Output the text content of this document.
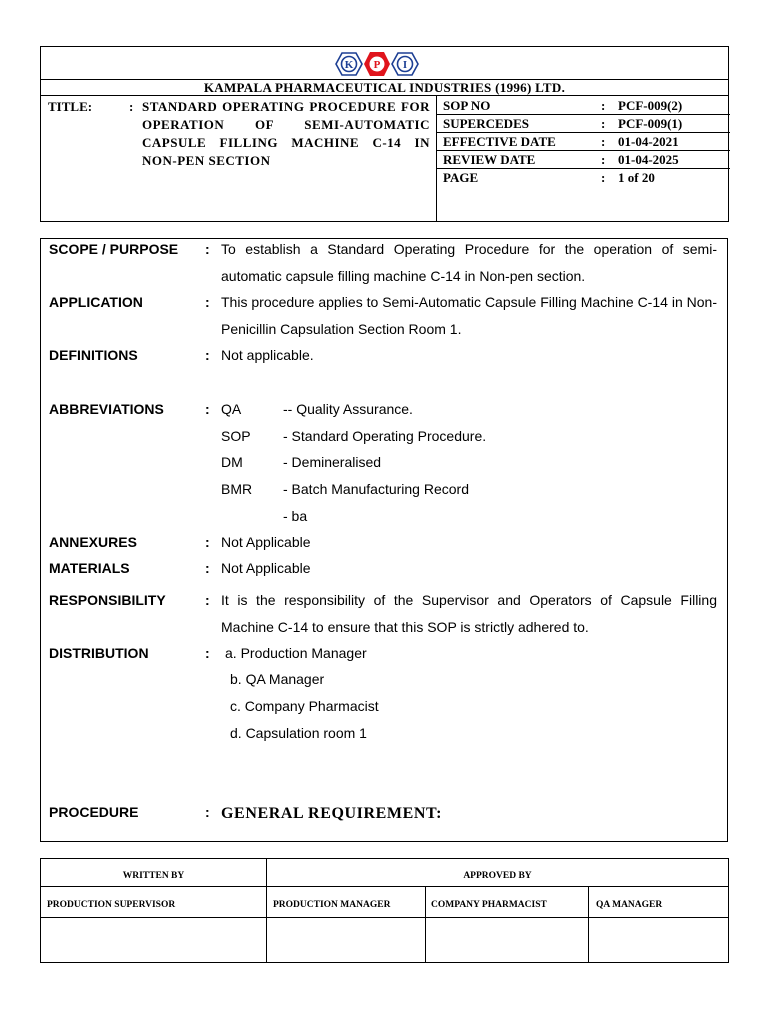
K P I
KAMPALA PHARMACEUTICAL INDUSTRIES (1996) LTD.
TITLE:	: STANDARD OPERATING PROCEDURE FOR OPERATION OF SEMI-AUTOMATIC CAPSULE FILLING MACHINE C-14 IN NON-PEN SECTION
SOP NO	: PCF-009(2)
SUPERCEDES	: PCF-009(1)
EFFECTIVE DATE	: 01-04-2021
REVIEW DATE	: 01-04-2025
PAGE	: 1 of 20
SCOPE / PURPOSE : To establish a Standard Operating Procedure for the operation of semi-automatic capsule filling machine C-14 in Non-pen section.
APPLICATION	: This procedure applies to Semi-Automatic Capsule Filling Machine C-14 in Non-Penicillin Capsulation Section Room 1.
DEFINITIONS	: Not applicable.
ABBREVIATIONS	: QA	-- Quality Assurance.
SOP - Standard Operating Procedure.
DM	- Demineralised
BMR - Batch Manufacturing Record
- ba
ANNEXURES	: Not Applicable
MATERIALS	: Not Applicable
RESPONSIBILITY	: It is the responsibility of the Supervisor and Operators of Capsule Filling Machine C-14 to ensure that this SOP is strictly adhered to.
DISTRIBUTION	: a. Production Manager
b. QA Manager
c. Company Pharmacist
d. Capsulation room 1
PROCEDURE	: GENERAL REQUIREMENT:
WRITTEN BY	APPROVED BY
PRODUCTION SUPERVISOR	PRODUCTION MANAGER	COMPANY PHARMACIST	QA MANAGER
